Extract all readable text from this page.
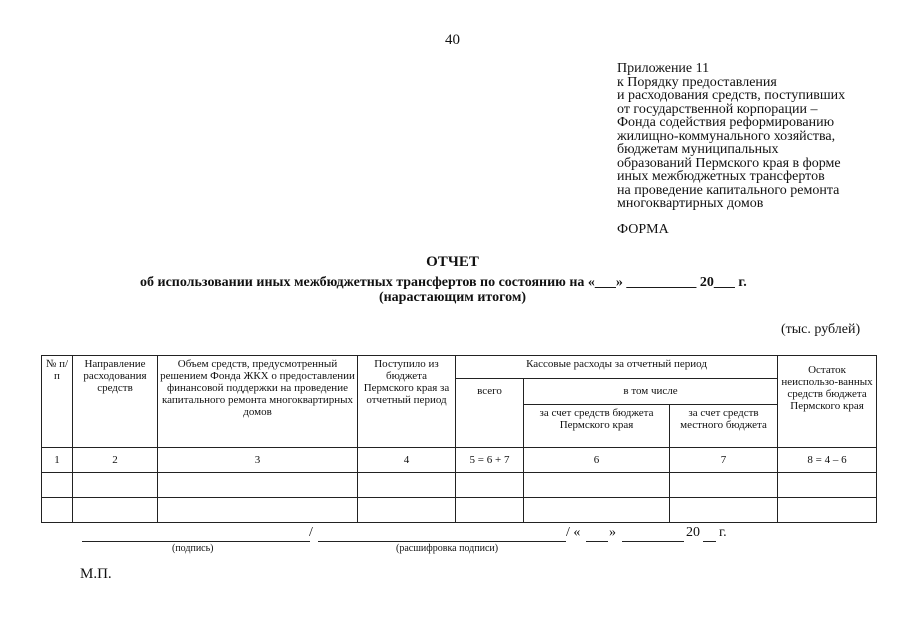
40
Приложение 11
к Порядку предоставления
и расходования средств, поступивших
от государственной корпорации –
Фонда содействия реформированию
жилищно-коммунального хозяйства,
бюджетам муниципальных
образований Пермского края в форме
иных межбюджетных трансфертов
на проведение капитального ремонта
многоквартирных домов
ФОРМА
ОТЧЕТ
об использовании иных межбюджетных трансфертов по состоянию на «___» __________ 20___ г.
(нарастающим итогом)
(тыс. рублей)
№ п/п	Направление расходования средств	Объем средств, предусмотренный решением Фонда ЖКХ о предоставлении финансовой поддержки на проведение капитального ремонта многоквартирных домов	Поступило из бюджета Пермского края за отчетный период	Кассовые расходы за отчетный период			Остаток неиспользо-ванных средств бюджета Пермского края
				всего	в том числе		
					за счет средств бюджета Пермского края	за счет средств местного бюджета	
1	2	3	4	5 = 6 + 7	6	7	8 = 4 – 6

/	/ « »	20 г.
(подпись)	(расшифровка подписи)
М.П.
